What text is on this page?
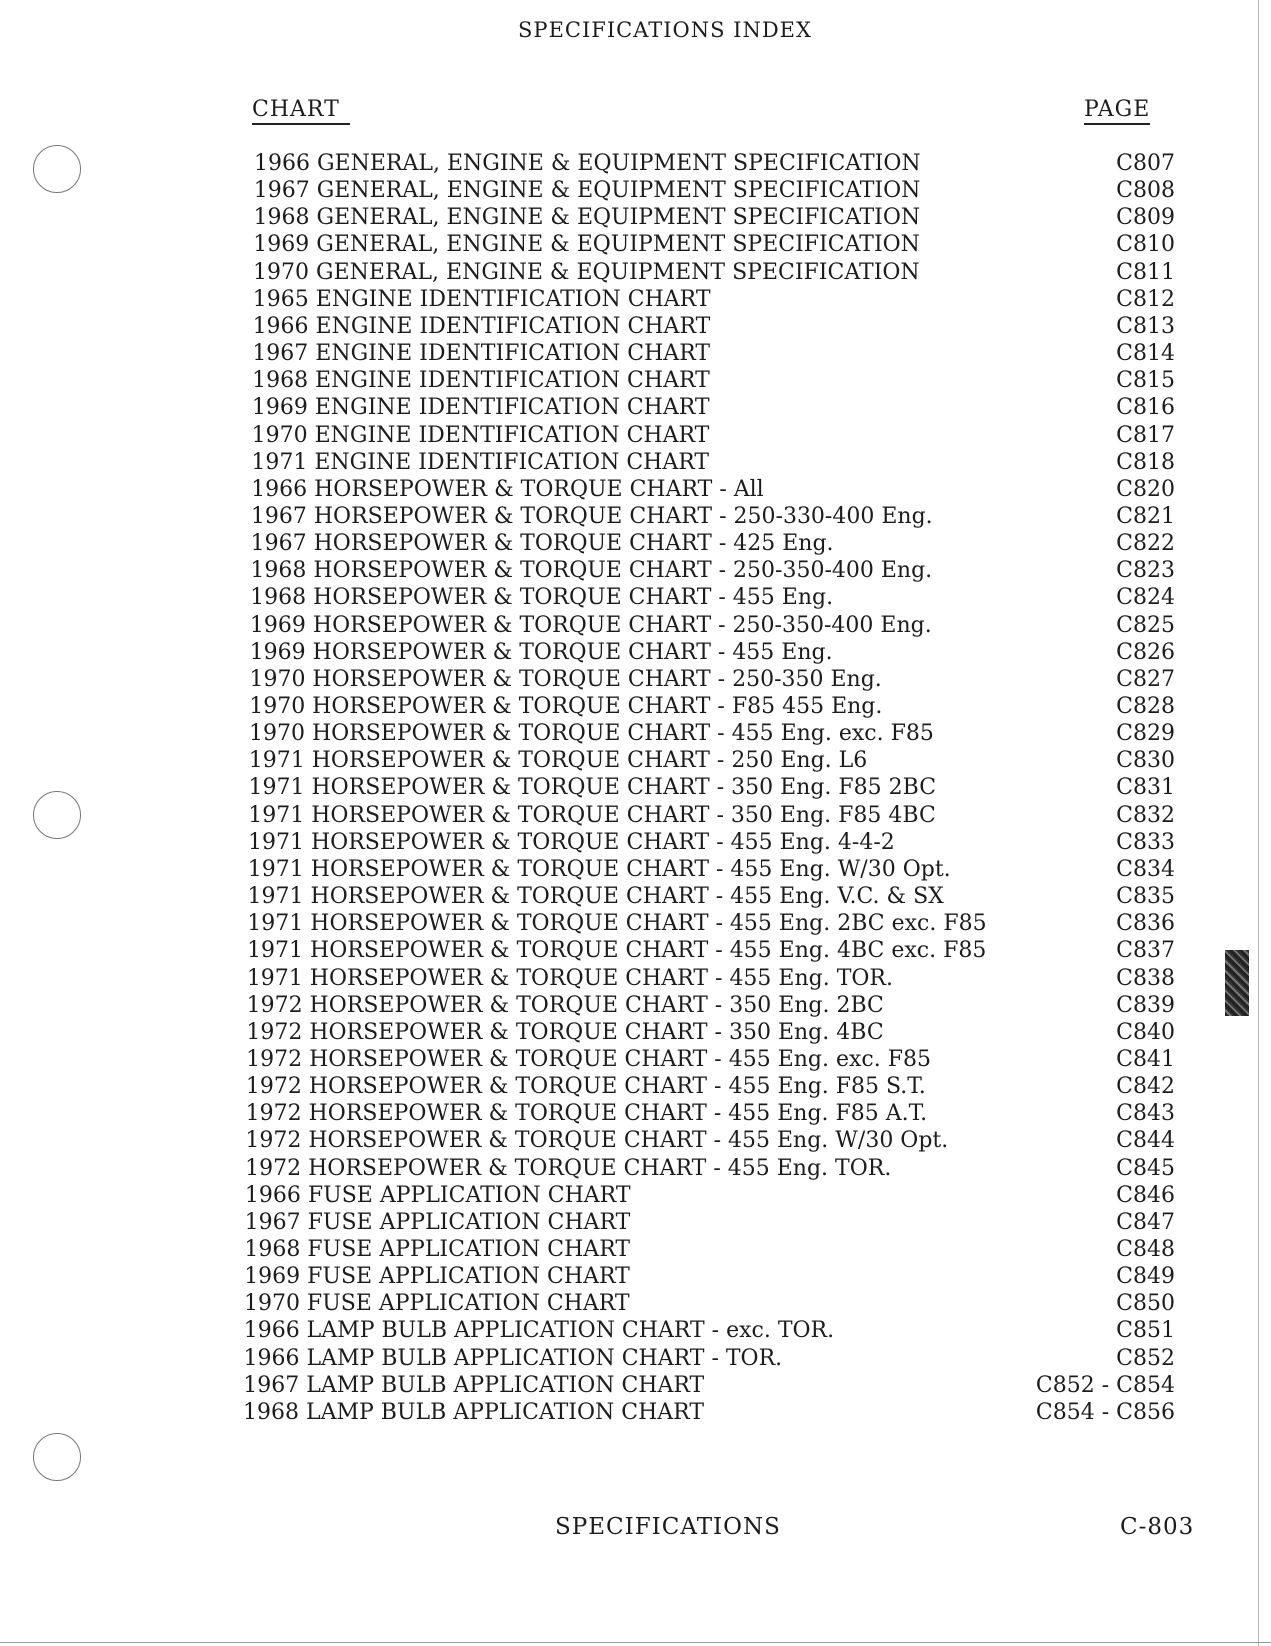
SPECIFICATIONS INDEX
CHART	PAGE
1966 GENERAL, ENGINE & EQUIPMENT SPECIFICATION	C807
1967 GENERAL, ENGINE & EQUIPMENT SPECIFICATION	C808
1968 GENERAL, ENGINE & EQUIPMENT SPECIFICATION	C809
1969 GENERAL, ENGINE & EQUIPMENT SPECIFICATION	C810
1970 GENERAL, ENGINE & EQUIPMENT SPECIFICATION	C811
1965 ENGINE IDENTIFICATION CHART	C812
1966 ENGINE IDENTIFICATION CHART	C813
1967 ENGINE IDENTIFICATION CHART	C814
1968 ENGINE IDENTIFICATION CHART	C815
1969 ENGINE IDENTIFICATION CHART	C816
1970 ENGINE IDENTIFICATION CHART	C817
1971 ENGINE IDENTIFICATION CHART	C818
1966 HORSEPOWER & TORQUE CHART - All	C820
1967 HORSEPOWER & TORQUE CHART - 250-330-400 Eng.	C821
1967 HORSEPOWER & TORQUE CHART - 425 Eng.	C822
1968 HORSEPOWER & TORQUE CHART - 250-350-400 Eng.	C823
1968 HORSEPOWER & TORQUE CHART - 455 Eng.	C824
1969 HORSEPOWER & TORQUE CHART - 250-350-400 Eng.	C825
1969 HORSEPOWER & TORQUE CHART - 455 Eng.	C826
1970 HORSEPOWER & TORQUE CHART - 250-350 Eng.	C827
1970 HORSEPOWER & TORQUE CHART - F85 455 Eng.	C828
1970 HORSEPOWER & TORQUE CHART - 455 Eng. exc. F85	C829
1971 HORSEPOWER & TORQUE CHART - 250 Eng. L6	C830
1971 HORSEPOWER & TORQUE CHART - 350 Eng. F85 2BC	C831
1971 HORSEPOWER & TORQUE CHART - 350 Eng. F85 4BC	C832
1971 HORSEPOWER & TORQUE CHART - 455 Eng. 4-4-2	C833
1971 HORSEPOWER & TORQUE CHART - 455 Eng. W/30 Opt.	C834
1971 HORSEPOWER & TORQUE CHART - 455 Eng. V.C. & SX	C835
1971 HORSEPOWER & TORQUE CHART - 455 Eng. 2BC exc. F85	C836
1971 HORSEPOWER & TORQUE CHART - 455 Eng. 4BC exc. F85	C837
1971 HORSEPOWER & TORQUE CHART - 455 Eng. TOR.	C838
1972 HORSEPOWER & TORQUE CHART - 350 Eng. 2BC	C839
1972 HORSEPOWER & TORQUE CHART - 350 Eng. 4BC	C840
1972 HORSEPOWER & TORQUE CHART - 455 Eng. exc. F85	C841
1972 HORSEPOWER & TORQUE CHART - 455 Eng. F85 S.T.	C842
1972 HORSEPOWER & TORQUE CHART - 455 Eng. F85 A.T.	C843
1972 HORSEPOWER & TORQUE CHART - 455 Eng. W/30 Opt.	C844
1972 HORSEPOWER & TORQUE CHART - 455 Eng. TOR.	C845
1966 FUSE APPLICATION CHART	C846
1967 FUSE APPLICATION CHART	C847
1968 FUSE APPLICATION CHART	C848
1969 FUSE APPLICATION CHART	C849
1970 FUSE APPLICATION CHART	C850
1966 LAMP BULB APPLICATION CHART - exc. TOR.	C851
1966 LAMP BULB APPLICATION CHART - TOR.	C852
1967 LAMP BULB APPLICATION CHART	C852 - C854
1968 LAMP BULB APPLICATION CHART	C854 - C856
SPECIFICATIONS	C-803
